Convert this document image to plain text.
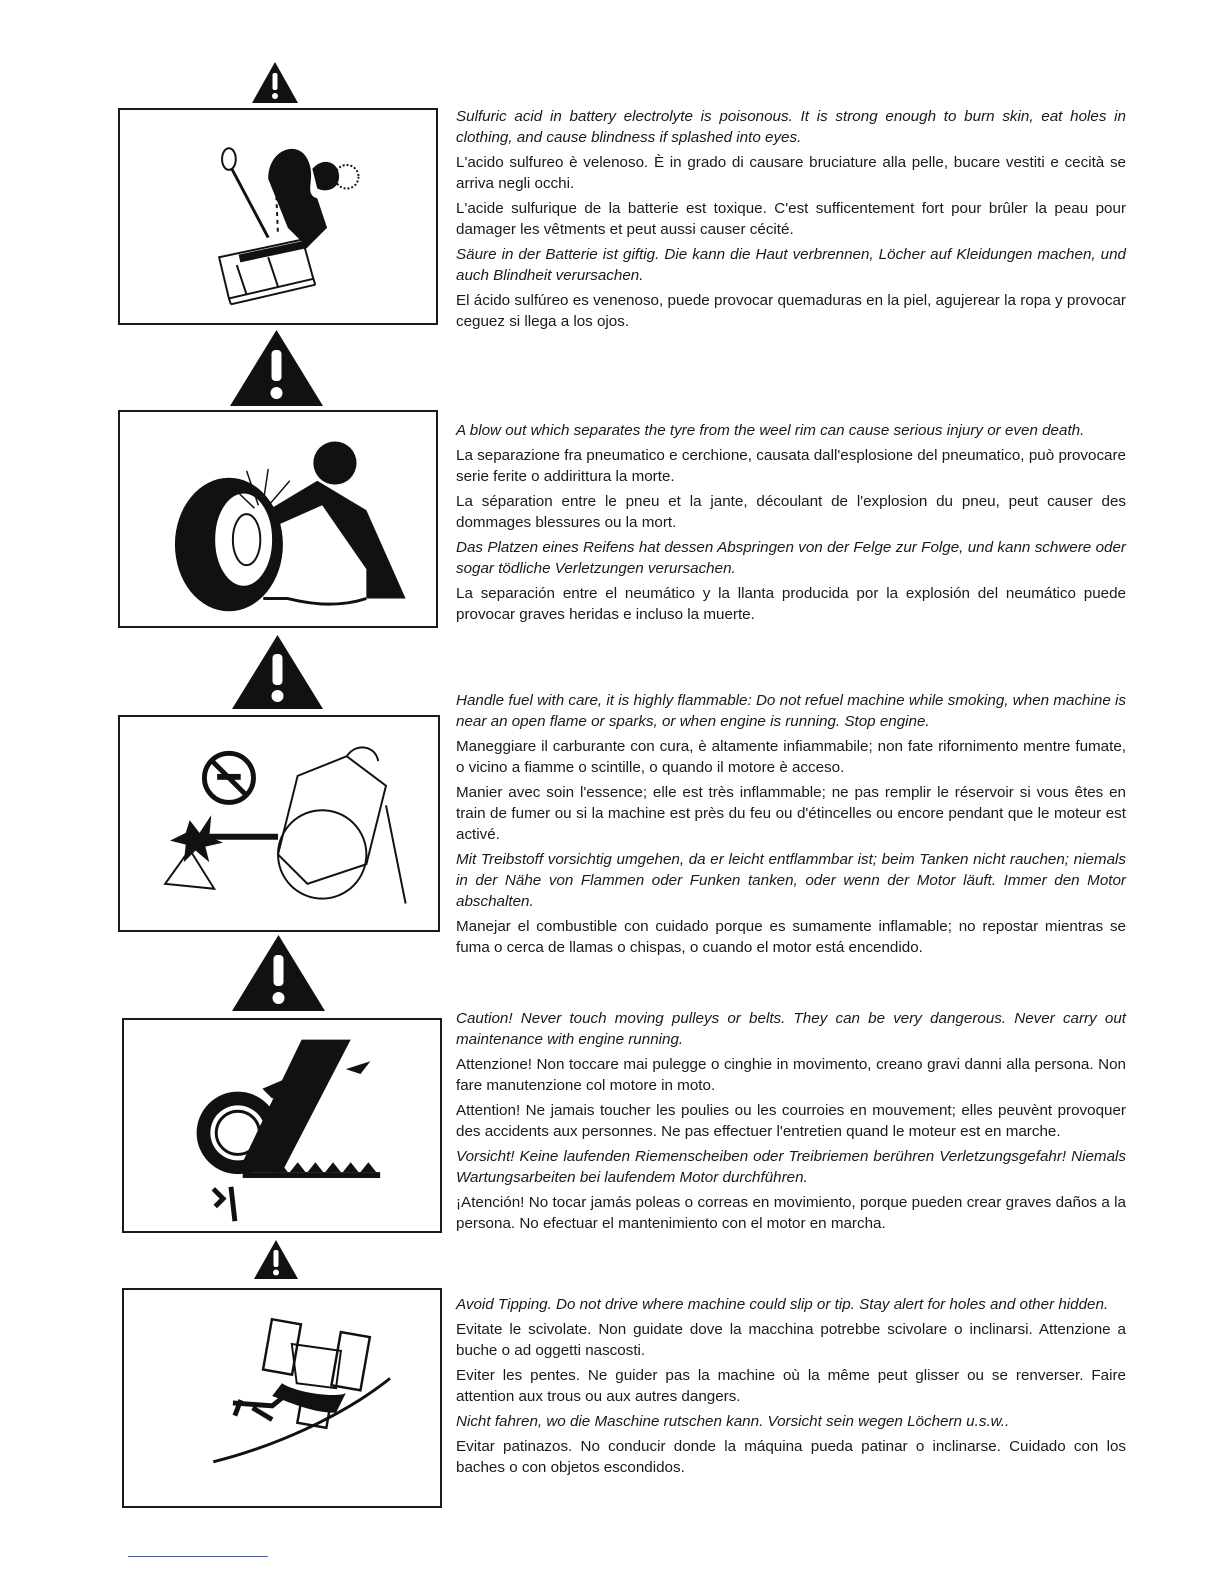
Sulfuric acid in battery electrolyte is poisonous. It is strong enough to burn skin, eat holes in clothing, and cause blindness if splashed into eyes.

L'acido sulfureo è velenoso. È in grado di causare bruciature alla pelle, bucare vestiti e cecità se arriva negli occhi.

L'acide sulfurique de la batterie est toxique. C'est sufficentement fort pour brûler la peau pour damager les vêtments et peut aussi causer cécité.

Säure in der Batterie ist giftig. Die kann die Haut verbrennen, Löcher auf Kleidungen machen, und auch Blindheit verursachen.

El ácido sulfúreo es venenoso, puede provocar quemaduras en la piel, agujerear la ropa y provocar ceguez si llega a los ojos.

A blow out which separates the tyre from the weel rim can cause serious injury or even death.

La separazione fra pneumatico e cerchione, causata dall'esplosione del pneumatico, può provocare serie ferite o addirittura la morte.

La séparation entre le pneu et la jante, découlant de l'explosion du pneu, peut causer des dommages blessures ou la mort.

Das Platzen eines Reifens hat dessen Abspringen von der Felge zur Folge, und kann schwere oder sogar tödliche Verletzungen verursachen.

La separación entre el neumático y la llanta producida por la explosión del neumático puede provocar graves heridas e incluso la muerte.

Handle fuel with care, it is highly flammable: Do not refuel machine while smoking, when machine is near an open flame or sparks, or when engine is running. Stop engine.

Maneggiare il carburante con cura, è altamente infiammabile; non fate rifornimento mentre fumate, o vicino a fiamme o scintille, o quando il motore è acceso.

Manier avec soin l'essence; elle est très inflammable; ne pas remplir le réservoir si vous êtes en train de fumer ou si la machine est près du feu ou d'étincelles ou encore pendant que le moteur est activé.

Mit Treibstoff vorsichtig umgehen, da er leicht entflammbar ist; beim Tanken nicht rauchen; niemals in der Nähe von Flammen oder Funken tanken, oder wenn der Motor läuft. Immer den Motor abschalten.

Manejar el combustible con cuidado porque es sumamente inflamable; no repostar mientras se fuma o cerca de llamas o chispas, o cuando el motor está encendido.

Caution! Never touch moving pulleys or belts. They can be very dangerous. Never carry out maintenance with engine running.

Attenzione! Non toccare mai pulegge o cinghie in movimento, creano gravi danni alla persona. Non fare manutenzione col motore in moto.

Attention! Ne jamais toucher les poulies ou les courroies en mouvement; elles peuvènt provoquer des accidents aux personnes. Ne pas effectuer l'entretien quand le moteur est en marche.

Vorsicht! Keine laufenden Riemenscheiben oder Treibriemen berühren Verletzungsgefahr! Niemals Wartungsarbeiten bei laufendem Motor durchführen.

¡Atención! No tocar jamás poleas o correas en movimiento, porque pueden crear graves daños a la persona. No efectuar el mantenimiento con el motor en marcha.

Avoid Tipping. Do not drive where machine could slip or tip. Stay alert for holes and other hidden.

Evitate le scivolate. Non guidate dove la macchina potrebbe scivolare o inclinarsi. Attenzione a buche o ad oggetti nascosti.

Eviter les pentes. Ne guider pas la machine où la même peut glisser ou se renverser. Faire attention aux trous ou aux autres dangers.

Nicht fahren, wo die Maschine rutschen kann. Vorsicht sein wegen Löchern u.s.w..

Evitar patinazos. No conducir donde la máquina pueda patinar o inclinarse. Cuidado con los baches o con objetos escondidos.
